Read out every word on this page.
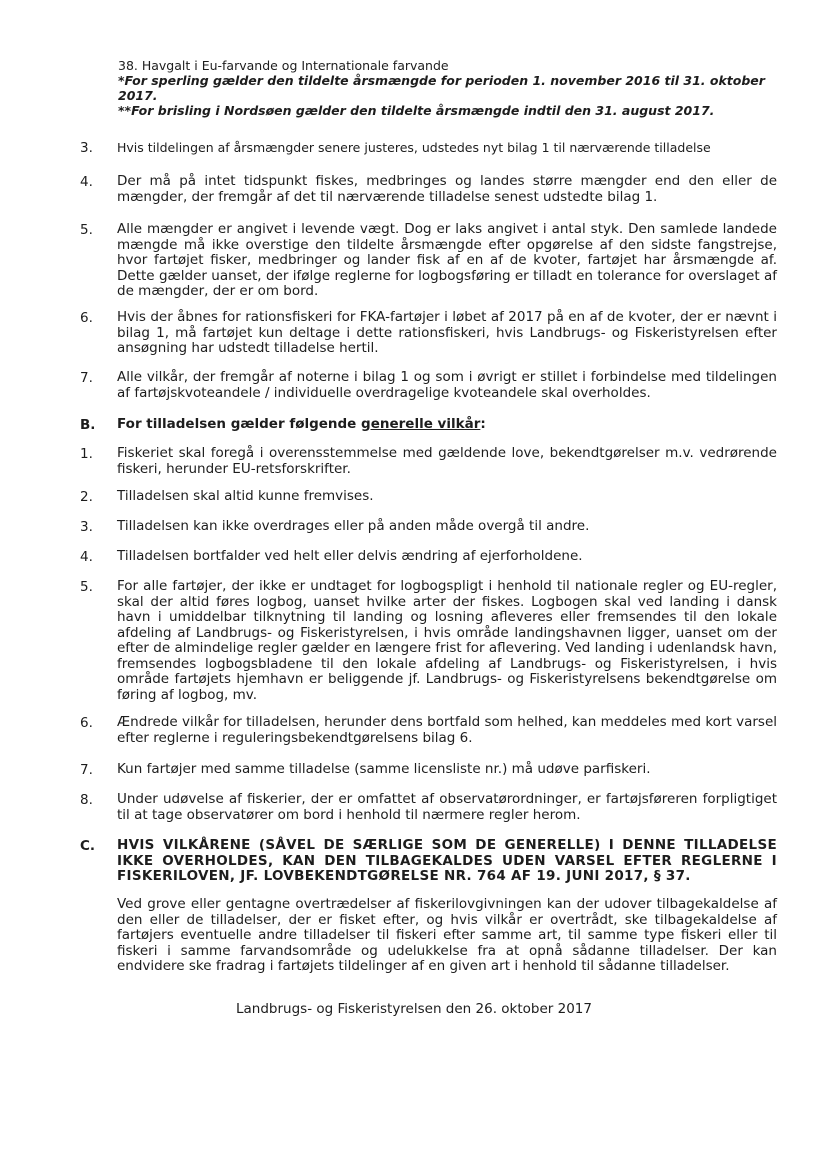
38. Havgalt i Eu-farvande og Internationale farvande
*For sperling gælder den tildelte årsmængde for perioden 1. november 2016 til 31. oktober 2017.
**For brisling i Nordsøen gælder den tildelte årsmængde indtil den 31. august 2017.
3. Hvis tildelingen af årsmængder senere justeres, udstedes nyt bilag 1 til nærværende tilladelse
4. Der må på intet tidspunkt fiskes, medbringes og landes større mængder end den eller de mængder, der fremgår af det til nærværende tilladelse senest udstedte bilag 1.
5. Alle mængder er angivet i levende vægt. Dog er laks angivet i antal styk. Den samlede landede mængde må ikke overstige den tildelte årsmængde efter opgørelse af den sidste fangstrejse, hvor fartøjet fisker, medbringer og lander fisk af en af de kvoter, fartøjet har årsmængde af. Dette gælder uanset, der ifølge reglerne for logbogsføring er tilladt en tolerance for overslaget af de mængder, der er om bord.
6. Hvis der åbnes for rationsfiskeri for FKA-fartøjer i løbet af 2017 på en af de kvoter, der er nævnt i bilag 1, må fartøjet kun deltage i dette rationsfiskeri, hvis Landbrugs- og Fiskeristyrelsen efter ansøgning har udstedt tilladelse hertil.
7. Alle vilkår, der fremgår af noterne i bilag 1 og som i øvrigt er stillet i forbindelse med tildelingen af fartøjskvoteandele / individuelle overdragelige kvoteandele skal overholdes.
B. For tilladelsen gælder følgende generelle vilkår:
1. Fiskeriet skal foregå i overensstemmelse med gældende love, bekendtgørelser m.v. vedrørende fiskeri, herunder EU-retsforskrifter.
2. Tilladelsen skal altid kunne fremvises.
3. Tilladelsen kan ikke overdrages eller på anden måde overgå til andre.
4. Tilladelsen bortfalder ved helt eller delvis ændring af ejerforholdene.
5. For alle fartøjer, der ikke er undtaget for logbogspligt i henhold til nationale regler og EU-regler, skal der altid føres logbog, uanset hvilke arter der fiskes. Logbogen skal ved landing i dansk havn i umiddelbar tilknytning til landing og losning afleveres eller fremsendes til den lokale afdeling af Landbrugs- og Fiskeristyrelsen, i hvis område landingshavnen ligger, uanset om der efter de almindelige regler gælder en længere frist for aflevering. Ved landing i udenlandsk havn, fremsendes logbogsbladene til den lokale afdeling af Landbrugs- og Fiskeristyrelsen, i hvis område fartøjets hjemhavn er beliggende jf. Landbrugs- og Fiskeristyrelsens bekendtgørelse om føring af logbog, mv.
6. Ændrede vilkår for tilladelsen, herunder dens bortfald som helhed, kan meddeles med kort varsel efter reglerne i reguleringsbekendtgørelsens bilag 6.
7. Kun fartøjer med samme tilladelse (samme licensliste nr.) må udøve parfiskeri.
8. Under udøvelse af fiskerier, der er omfattet af observatørordninger, er fartøjsføreren forpligtiget til at tage observatører om bord i henhold til nærmere regler herom.
C. HVIS VILKÅRENE (SÅVEL DE SÆRLIGE SOM DE GENERELLE) I DENNE TILLADELSE IKKE OVERHOLDES, KAN DEN TILBAGEKALDES UDEN VARSEL EFTER REGLERNE I FISKERILOVEN, JF. LOVBEKENDTGØRELSE NR. 764 AF 19. JUNI 2017, § 37.
Ved grove eller gentagne overtrædelser af fiskerilovgivningen kan der udover tilbagekaldelse af den eller de tilladelser, der er fisket efter, og hvis vilkår er overtrådt, ske tilbagekaldelse af fartøjers eventuelle andre tilladelser til fiskeri efter samme art, til samme type fiskeri eller til fiskeri i samme farvandsområde og udelukkelse fra at opnå sådanne tilladelser. Der kan endvidere ske fradrag i fartøjets tildelinger af en given art i henhold til sådanne tilladelser.
Landbrugs- og Fiskeristyrelsen den 26. oktober 2017
